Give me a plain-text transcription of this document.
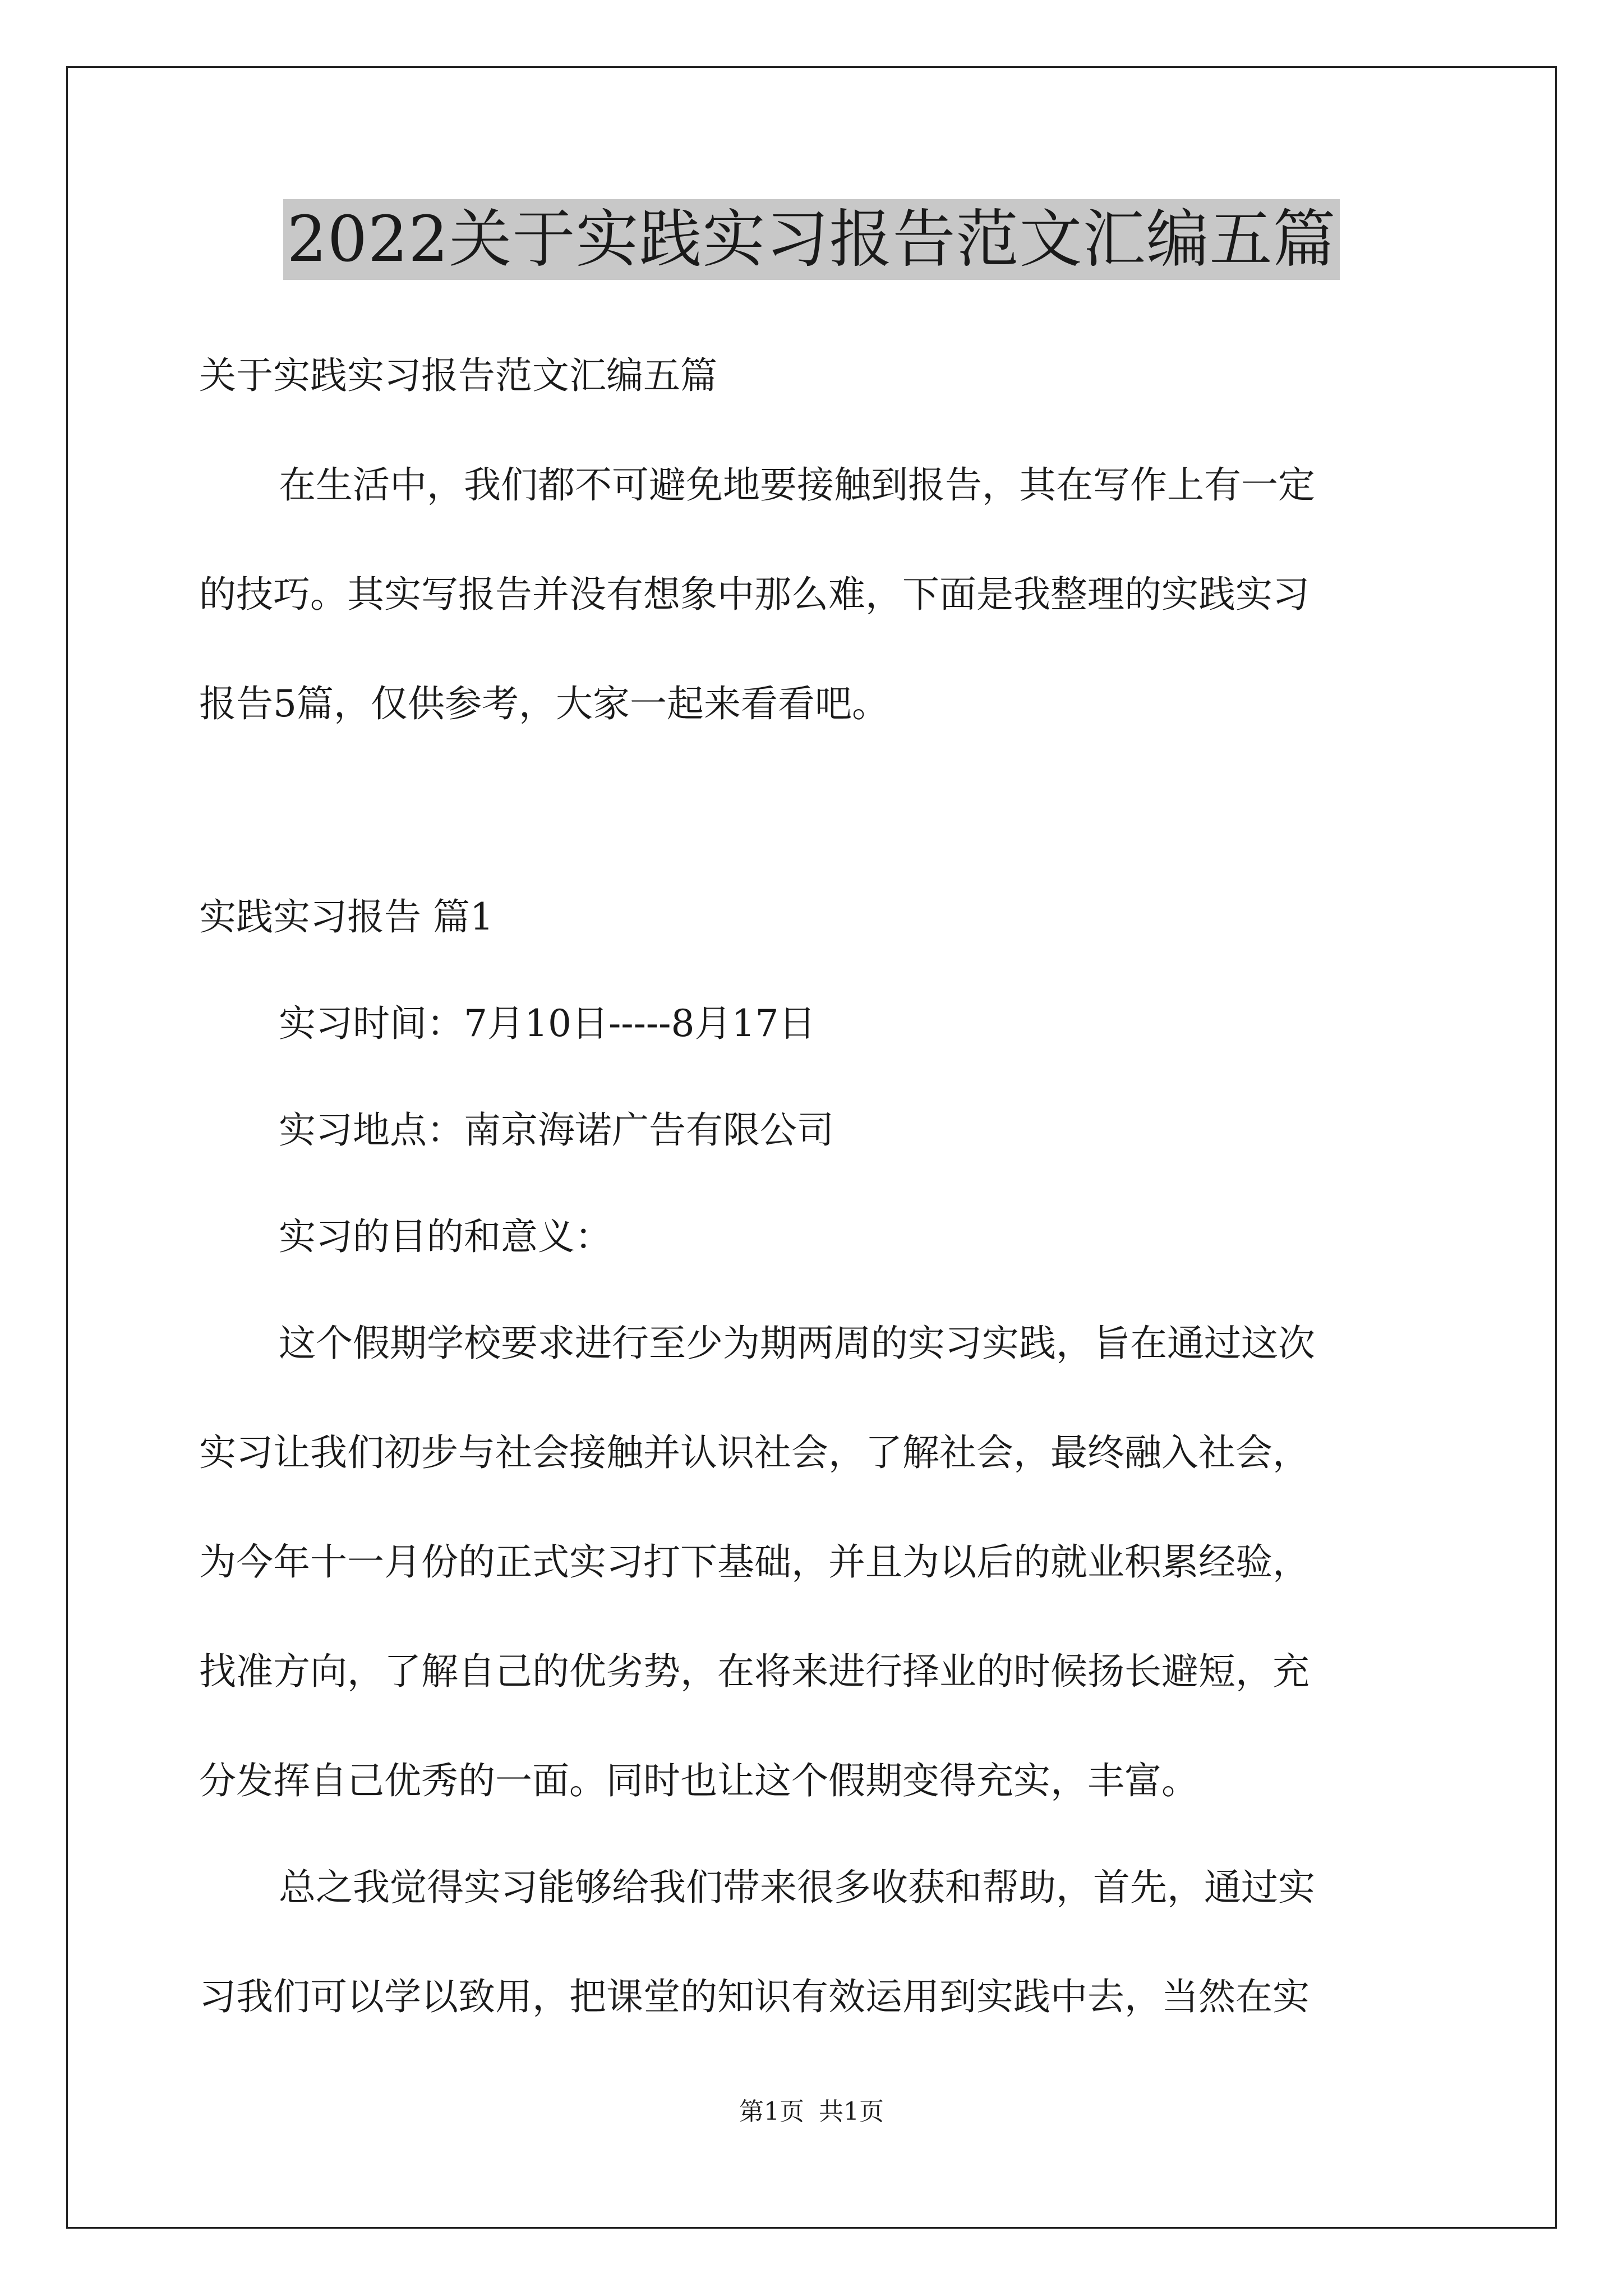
2022关于实践实习报告范文汇编五篇
关于实践实习报告范文汇编五篇
在生活中，我们都不可避免地要接触到报告，其在写作上有一定
的技巧。其实写报告并没有想象中那么难，下面是我整理的实践实习
报告5篇，仅供参考，大家一起来看看吧。
实践实习报告 篇1
实习时间：7月10日-----8月17日
实习地点：南京海诺广告有限公司
实习的目的和意义：
这个假期学校要求进行至少为期两周的实习实践，旨在通过这次
实习让我们初步与社会接触并认识社会，了解社会，最终融入社会，
为今年十一月份的正式实习打下基础，并且为以后的就业积累经验，
找准方向，了解自己的优劣势，在将来进行择业的时候扬长避短，充
分发挥自己优秀的一面。同时也让这个假期变得充实，丰富。
总之我觉得实习能够给我们带来很多收获和帮助，首先，通过实
习我们可以学以致用，把课堂的知识有效运用到实践中去，当然在实
第1页 共1页
